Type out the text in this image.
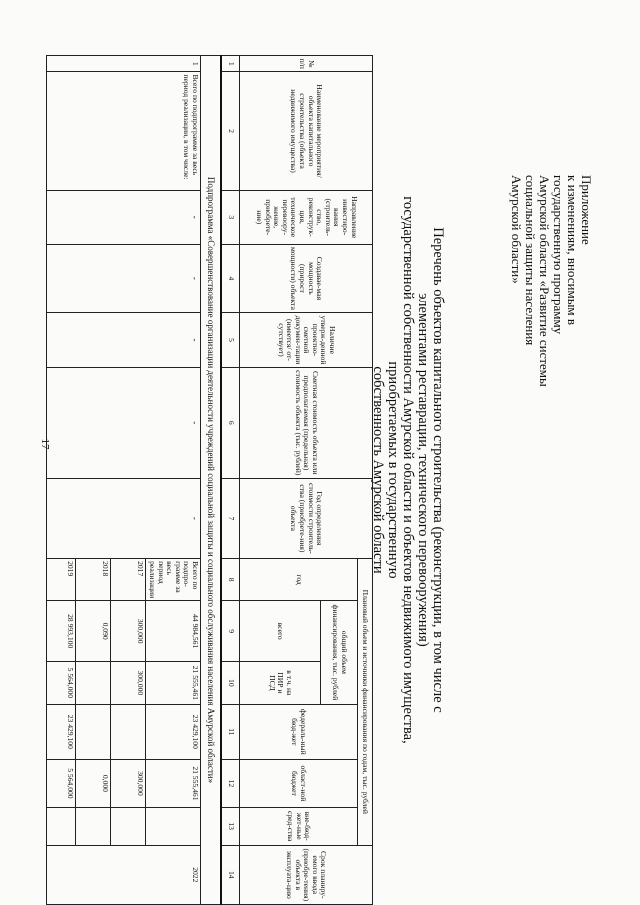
17
Приложение
к изменениям, вносимым в
государственную программу
Амурской области «Развитие системы
социальной защиты населения
Амурской области»
Перечень объектов капитального строительства (реконструкции, в том числе с элементами реставрации, технического перевооружения)
государственной собственности Амурской области и объектов недвижимого имущества, приобретаемых в государственную
собственность Амурской области
№ п/п	Наименование мероприятия/ объекта капитального строительства (объекта недвижимого имущества)	Направление инвестиро-вания (строитель-ство, реконструк-ция, техническое перевоору-жение, приобрете-ние)	Создавае-мая мощность (прирост мощности) объекта	Наличие утверж-денной проектно-сметной докумен-тации (имеется/ от-сутствует)	Сметная стоимость объекта или предполагаемая (предельная) стоимость объекта (тыс. рублей)	Год определения стоимости строитель-ства (приобрете-ния) объекта	Плановый объем и источники финансирования по годам, тыс. рублей						Срок планиру-емого ввода (приобре-тения) объекта в эксплуата-цию
							год	общий объем финансирования, тыс. рублей		федераль-ный бюд-жет	област-ной бюджет	вне-бюд-жет-ные сред-ства	
								всего	в т.ч. на ПИР и ПСД				
1	2	3	4	5	6	7	8	9	10	11	12	13	14
Подпрограмма «Совершенствование организации деятельности учреждений социальной защиты и социального обслуживания населения Амурской области»													
1	Всего по подпрограмме за весь период реализации, в том числе:	-	-	-	-	-	Всего по подпро-грамме за весь период реализации	44 984,561	21 555,461	23 429,100	21 555,461		2022
							2017	300,000	300,000		300,000		
							2018	0,090			0,000		
							2019	28 993,100	5 564,000	23 429,100	5 564,000		
